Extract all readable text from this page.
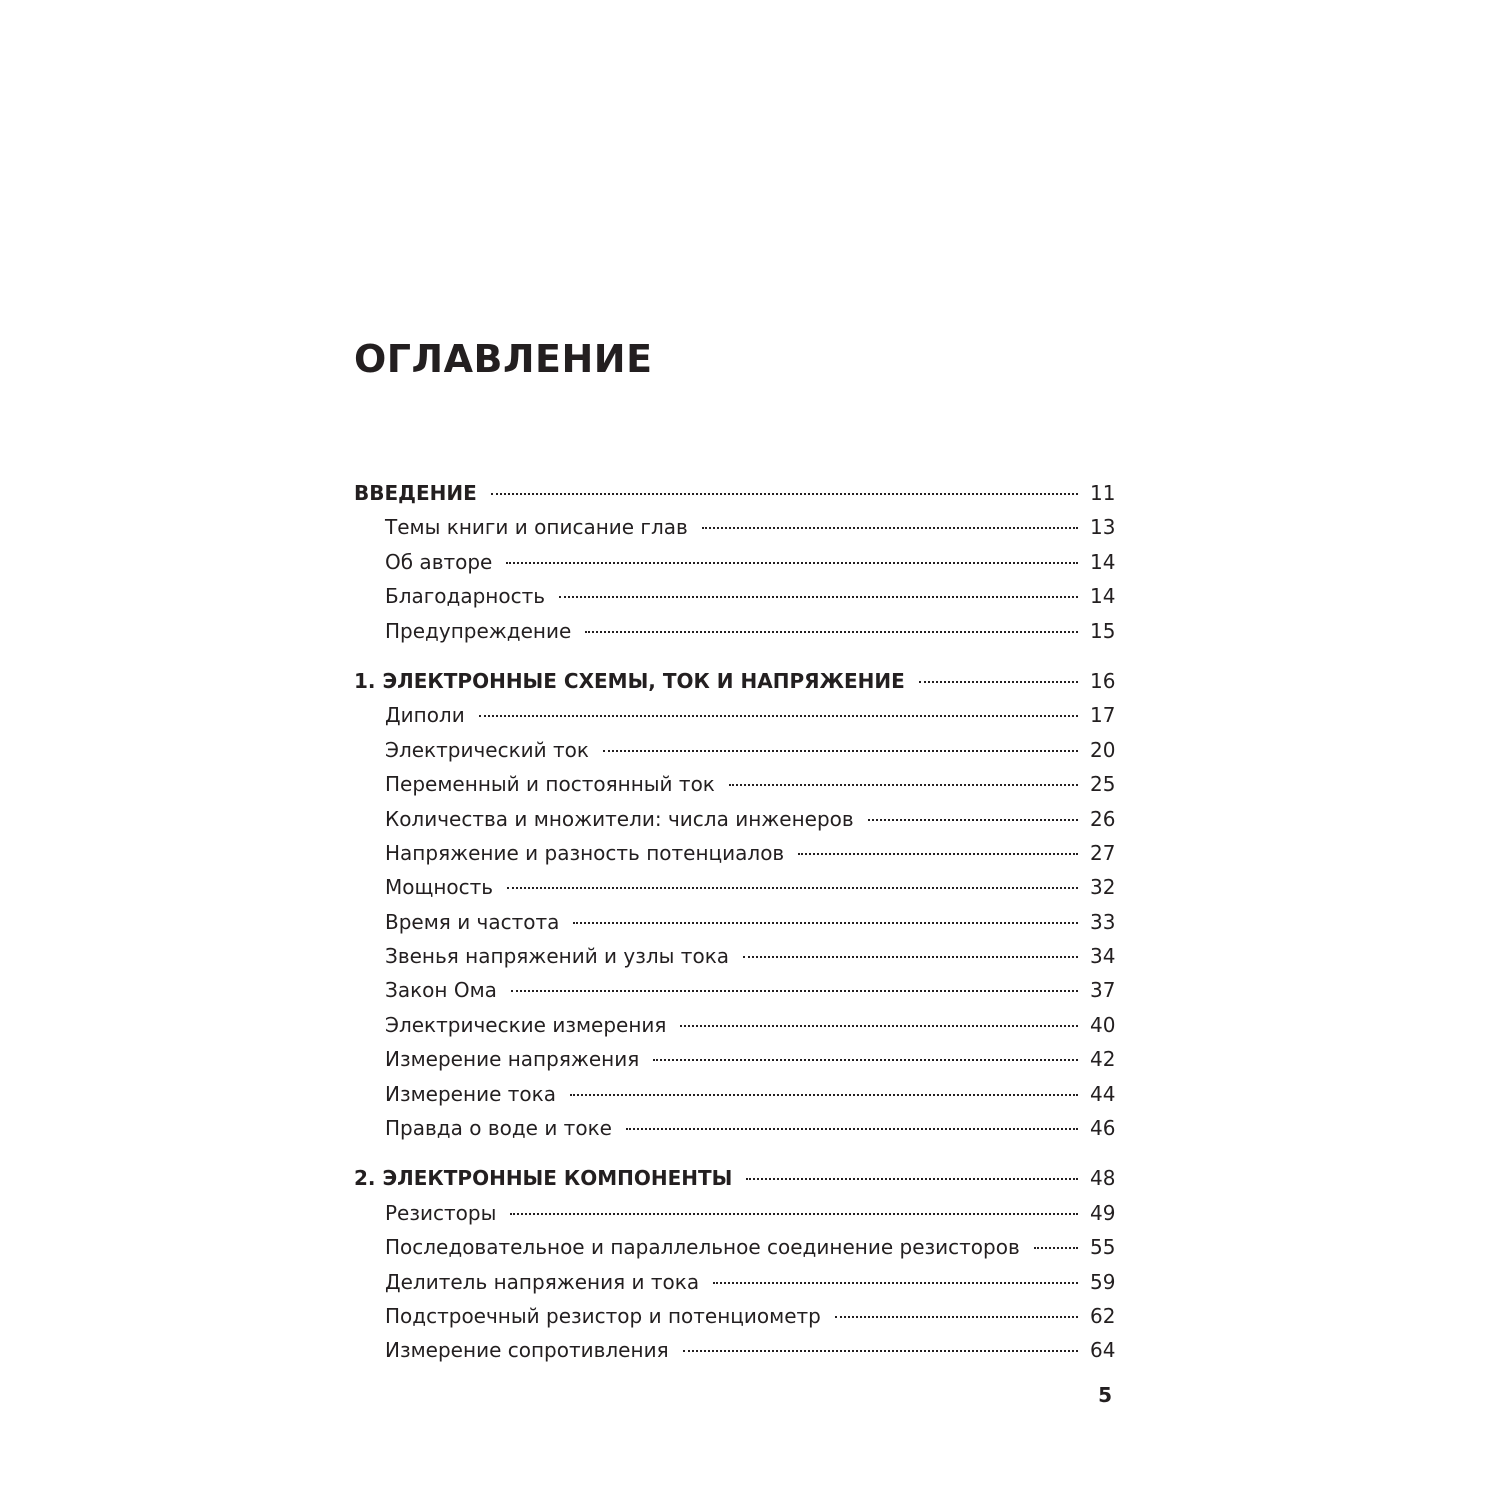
ОГЛАВЛЕНИЕ
ВВЕДЕНИЕ	11
Темы книги и описание глав	13
Об авторе	14
Благодарность	14
Предупреждение	15
1. ЭЛЕКТРОННЫЕ СХЕМЫ, ТОК И НАПРЯЖЕНИЕ	16
Диполи	17
Электрический ток	20
Переменный и постоянный ток	25
Количества и множители: числа инженеров	26
Напряжение и разность потенциалов	27
Мощность	32
Время и частота	33
Звенья напряжений и узлы тока	34
Закон Ома	37
Электрические измерения	40
Измерение напряжения	42
Измерение тока	44
Правда о воде и токе	46
2. ЭЛЕКТРОННЫЕ КОМПОНЕНТЫ	48
Резисторы	49
Последовательное и параллельное соединение резисторов	55
Делитель напряжения и тока	59
Подстроечный резистор и потенциометр	62
Измерение сопротивления	64
5
